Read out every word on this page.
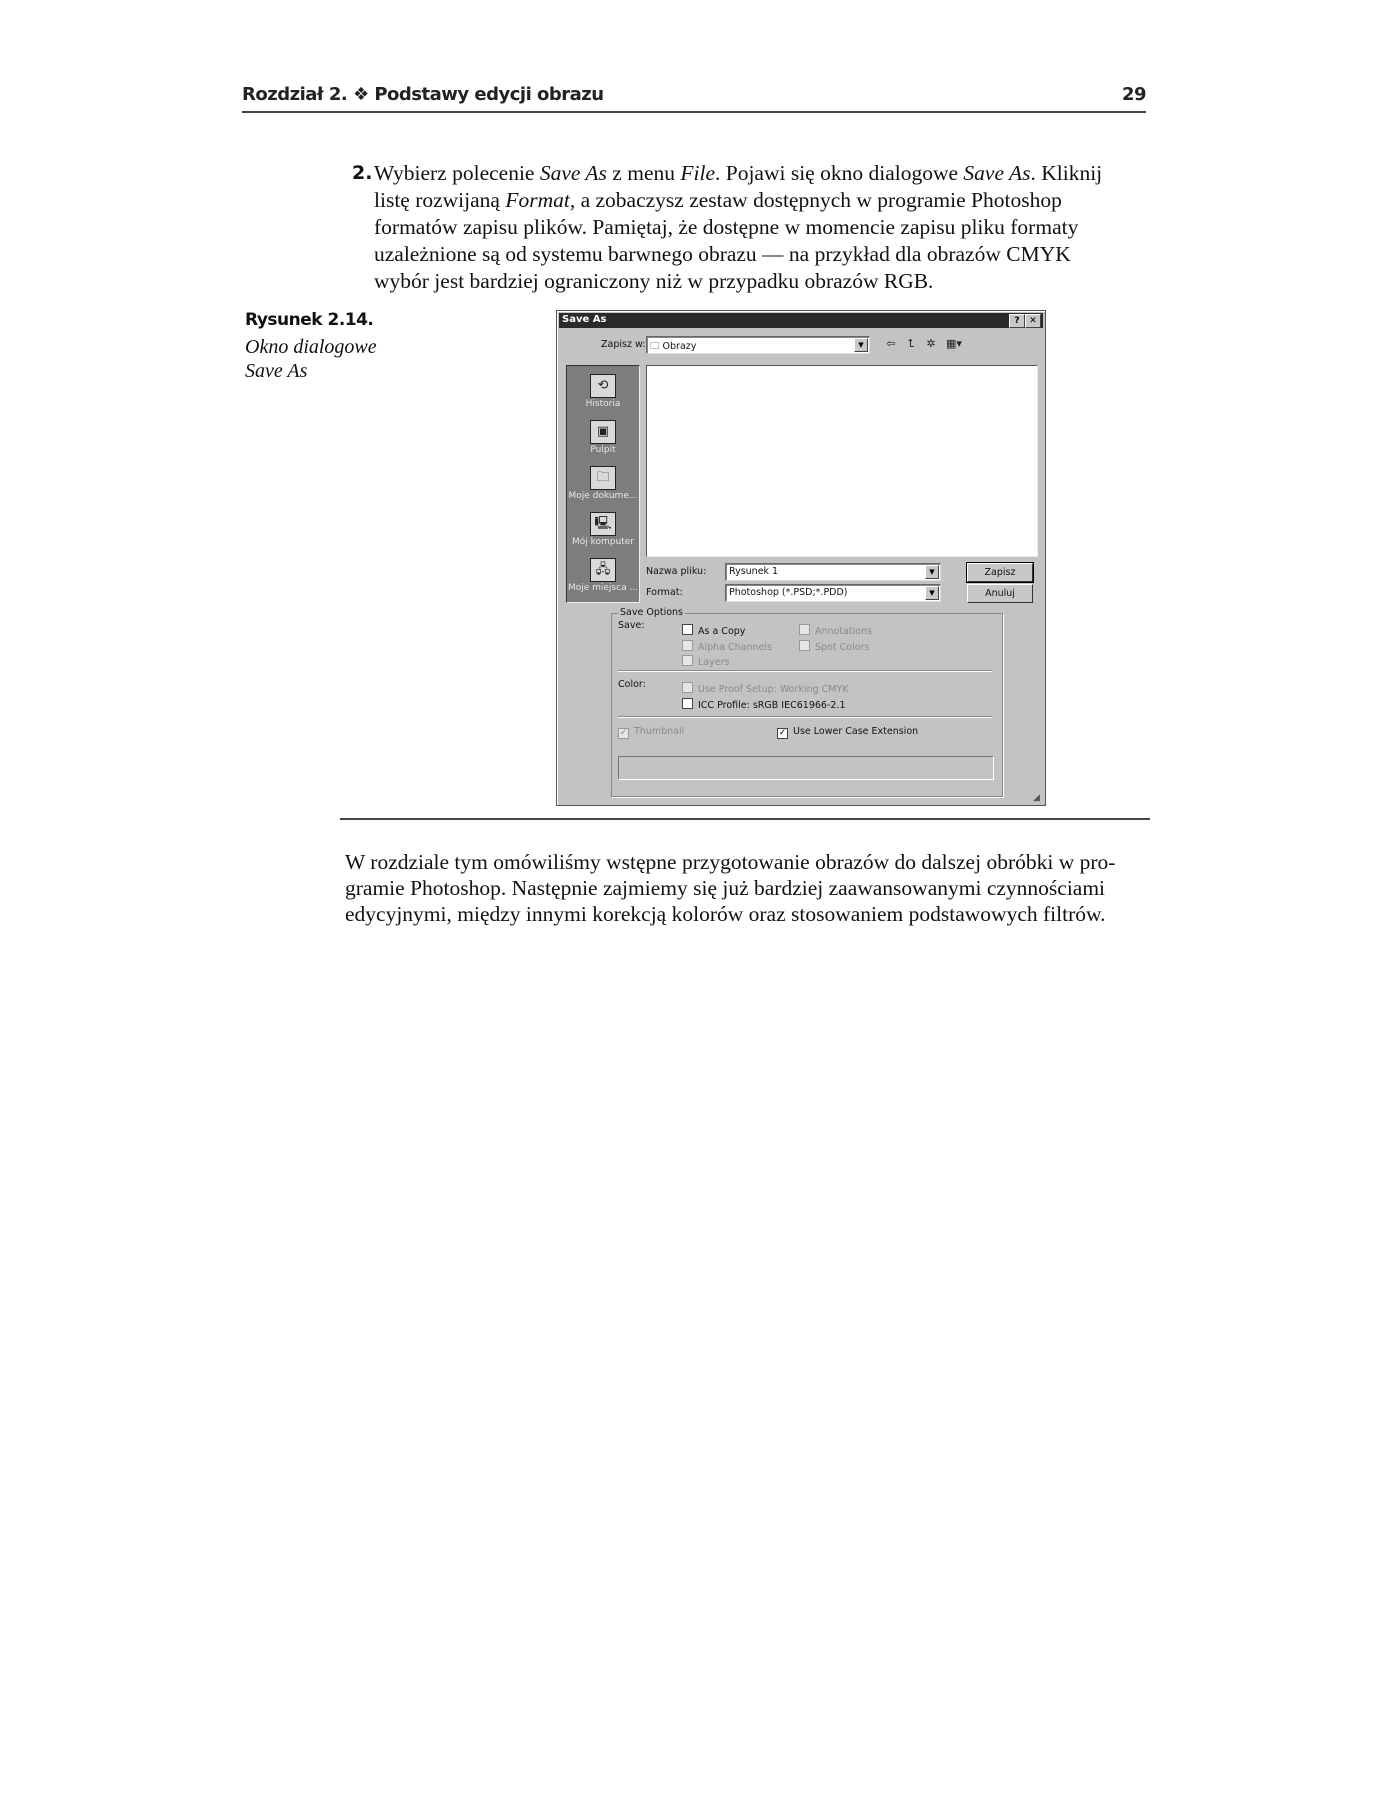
Rozdział 2. ❖ Podstawy edycji obrazu	29
2. Wybierz polecenie Save As z menu File. Pojawi się okno dialogowe Save As. Kliknij
listę rozwijaną Format, a zobaczysz zestaw dostępnych w programie Photoshop
formatów zapisu plików. Pamiętaj, że dostępne w momencie zapisu pliku formaty
uzależnione są od systemu barwnego obrazu — na przykład dla obrazów CMYK
wybór jest bardziej ograniczony niż w przypadku obrazów RGB.
Rysunek 2.14.
Okno dialogowe
Save As
Save As	?	✕
Zapisz w: 🗀 Obrazy	▼	⇦	⮤	✲ ▦▾
⟲
Historia
▣
Pulpit
🗀
Moje dokume...
🖳
Mój komputer
🖧
Moje miejsca ...
Nazwa pliku: Rysunek 1	▼
Format:	Photoshop (*.PSD;*.PDD)	▼
Zapisz
Anuluj
Save Options
Save:
As a Copy
Alpha Channels
Layers
Annotations
Spot Colors
Color:	Use Proof Setup: Working CMYK
ICC Profile: sRGB IEC61966-2.1
✓ Thumbnail	✓ Use Lower Case Extension
◢
W rozdziale tym omówiliśmy wstępne przygotowanie obrazów do dalszej obróbki w pro-
gramie Photoshop. Następnie zajmiemy się już bardziej zaawansowanymi czynnościami
edycyjnymi, między innymi korekcją kolorów oraz stosowaniem podstawowych filtrów.
